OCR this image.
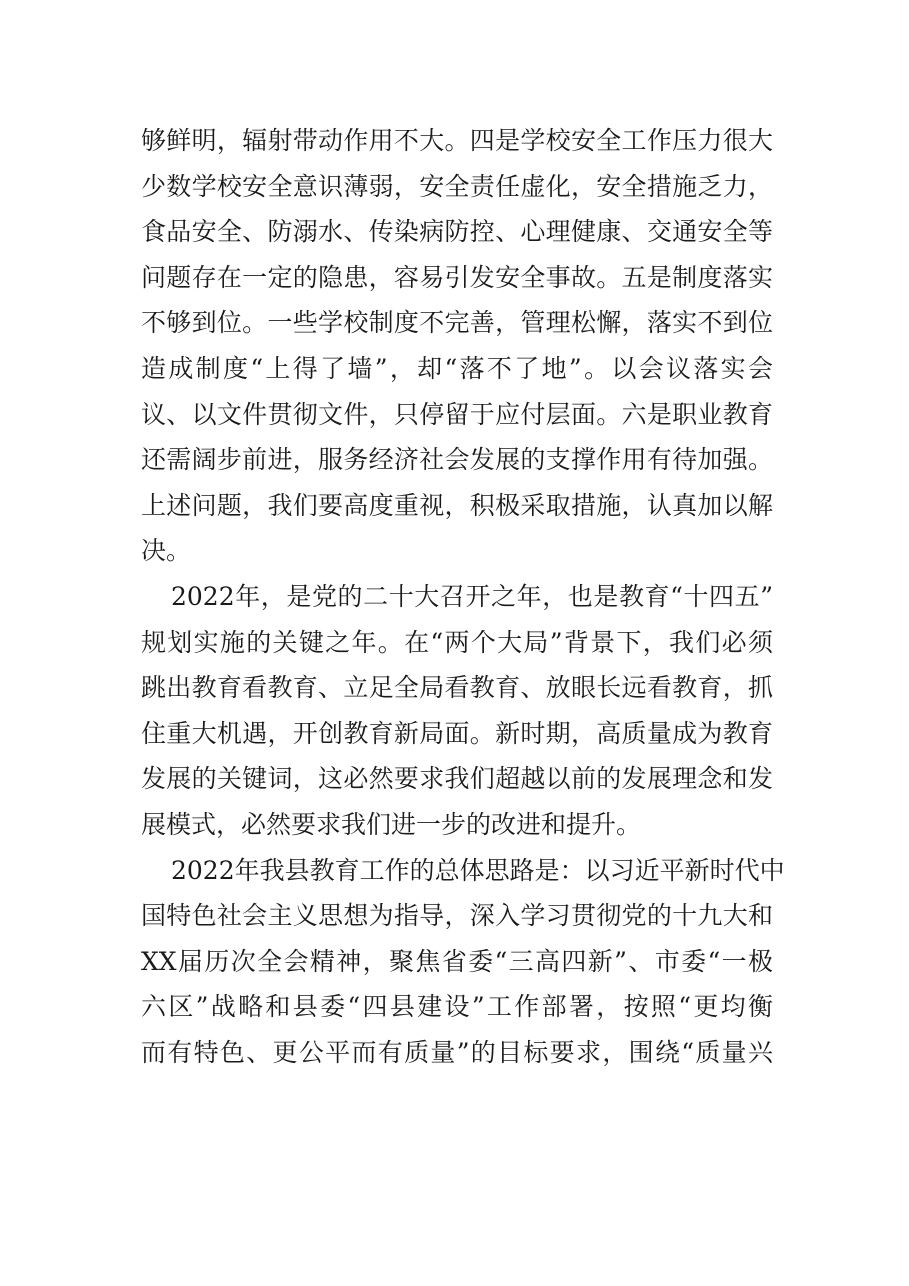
够鲜明，辐射带动作用不大。四是学校安全工作压力很大
少数学校安全意识薄弱，安全责任虚化，安全措施乏力，
食品安全、防溺水、传染病防控、心理健康、交通安全等
问题存在一定的隐患，容易引发安全事故。五是制度落实
不够到位。一些学校制度不完善，管理松懈，落实不到位
造成制度“上得了墙”，却“落不了地”。以会议落实会
议、以文件贯彻文件，只停留于应付层面。六是职业教育
还需阔步前进，服务经济社会发展的支撑作用有待加强。
上述问题，我们要高度重视，积极采取措施，认真加以解
决。
2022年，是党的二十大召开之年，也是教育“十四五”
规划实施的关键之年。在“两个大局”背景下，我们必须
跳出教育看教育、立足全局看教育、放眼长远看教育，抓
住重大机遇，开创教育新局面。新时期，高质量成为教育
发展的关键词，这必然要求我们超越以前的发展理念和发
展模式，必然要求我们进一步的改进和提升。
2022年我县教育工作的总体思路是：以习近平新时代中
国特色社会主义思想为指导，深入学习贯彻党的十九大和
XX届历次全会精神，聚焦省委“三高四新”、市委“一极
六区”战略和县委“四县建设”工作部署，按照“更均衡
而有特色、更公平而有质量”的目标要求，围绕“质量兴
